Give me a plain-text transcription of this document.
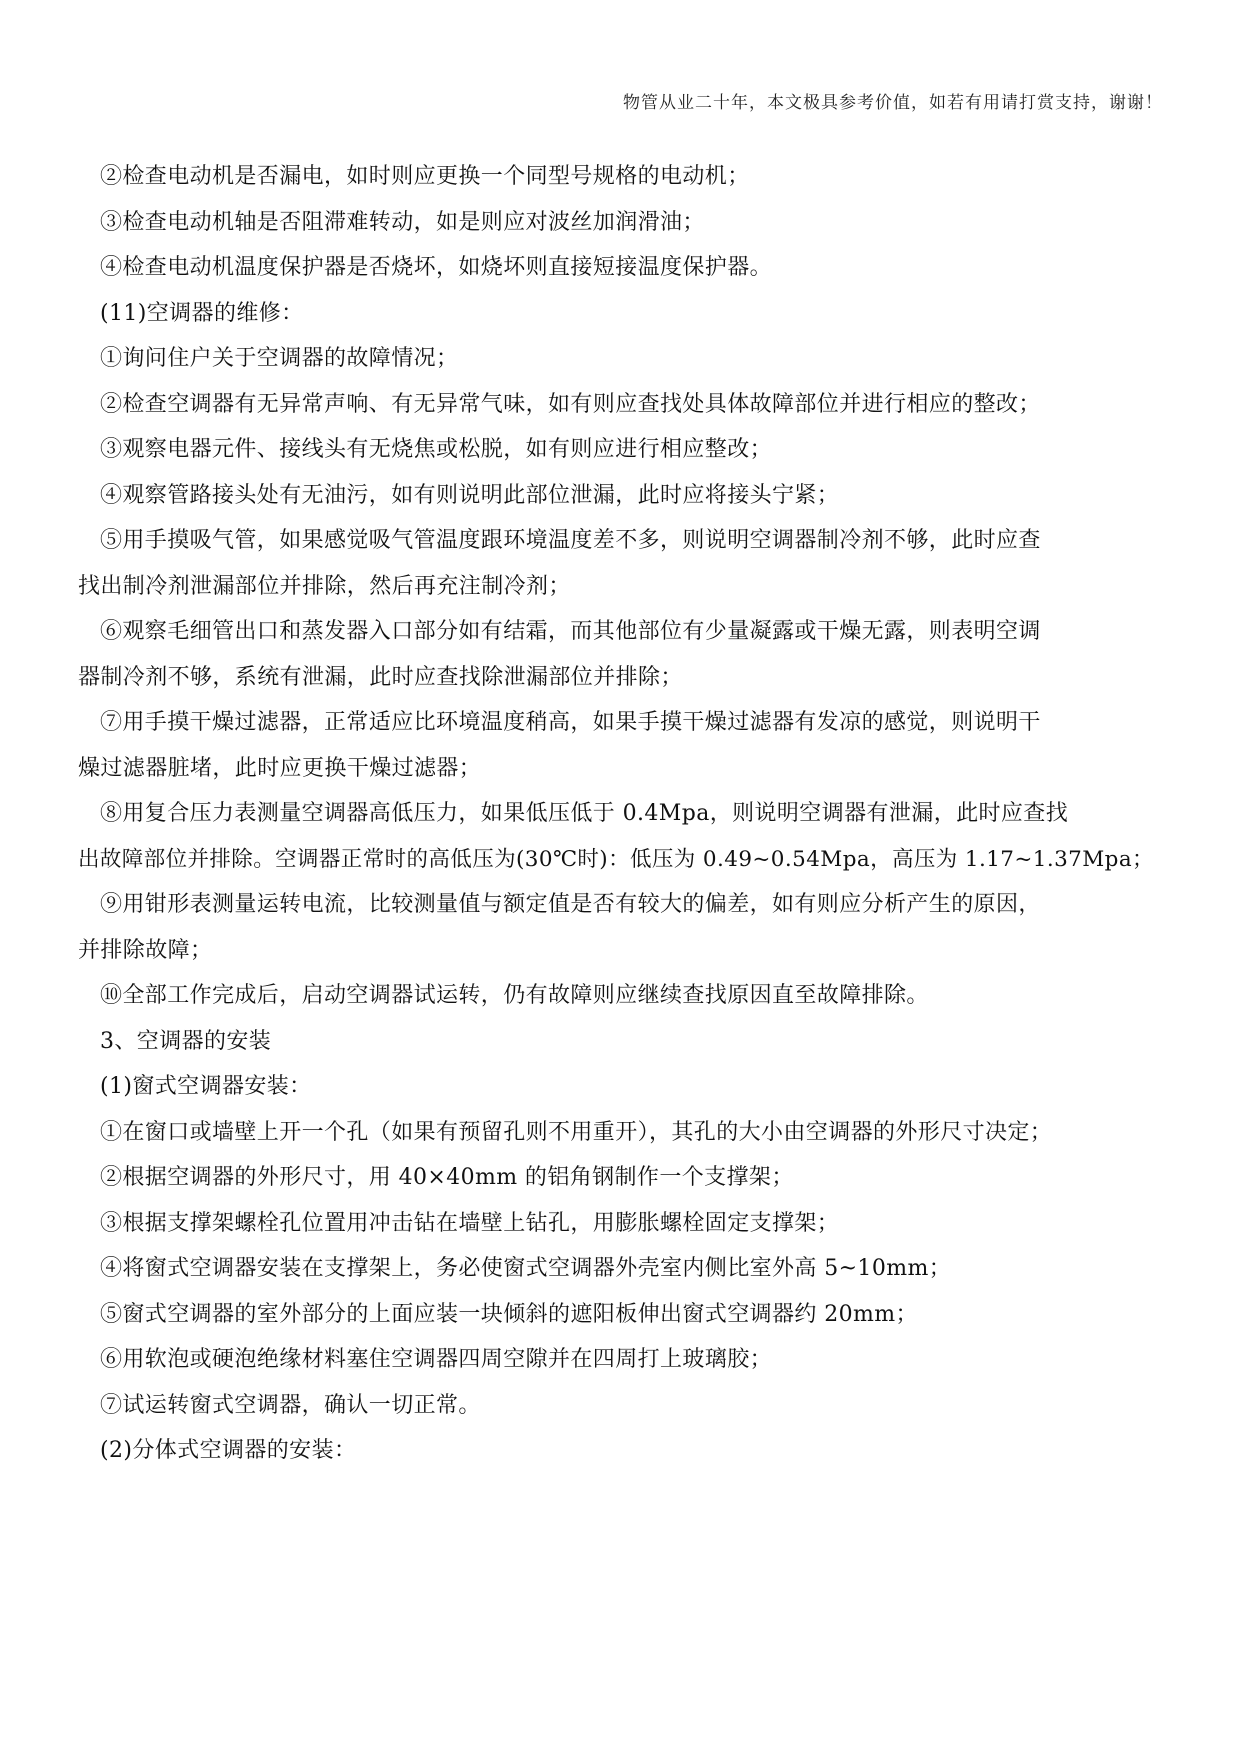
物管从业二十年，本文极具参考价值，如若有用请打赏支持，谢谢！
②检查电动机是否漏电，如时则应更换一个同型号规格的电动机；
③检查电动机轴是否阻滞难转动，如是则应对波丝加润滑油；
④检查电动机温度保护器是否烧坏，如烧坏则直接短接温度保护器。
(11)空调器的维修：
①询问住户关于空调器的故障情况；
②检查空调器有无异常声响、有无异常气味，如有则应查找处具体故障部位并进行相应的整改；
③观察电器元件、接线头有无烧焦或松脱，如有则应进行相应整改；
④观察管路接头处有无油污，如有则说明此部位泄漏，此时应将接头宁紧；
⑤用手摸吸气管，如果感觉吸气管温度跟环境温度差不多，则说明空调器制冷剂不够，此时应查
找出制冷剂泄漏部位并排除，然后再充注制冷剂；
⑥观察毛细管出口和蒸发器入口部分如有结霜，而其他部位有少量凝露或干燥无露，则表明空调
器制冷剂不够，系统有泄漏，此时应查找除泄漏部位并排除；
⑦用手摸干燥过滤器，正常适应比环境温度稍高，如果手摸干燥过滤器有发凉的感觉，则说明干
燥过滤器脏堵，此时应更换干燥过滤器；
⑧用复合压力表测量空调器高低压力，如果低压低于 0.4Mpa，则说明空调器有泄漏，此时应查找
出故障部位并排除。空调器正常时的高低压为(30℃时)：低压为 0.49~0.54Mpa，高压为 1.17~1.37Mpa；
⑨用钳形表测量运转电流，比较测量值与额定值是否有较大的偏差，如有则应分析产生的原因，
并排除故障；
⑩全部工作完成后，启动空调器试运转，仍有故障则应继续查找原因直至故障排除。
3、空调器的安装
(1)窗式空调器安装：
①在窗口或墙壁上开一个孔（如果有预留孔则不用重开），其孔的大小由空调器的外形尺寸决定；
②根据空调器的外形尺寸，用 40×40mm 的铝角钢制作一个支撑架；
③根据支撑架螺栓孔位置用冲击钻在墙壁上钻孔，用膨胀螺栓固定支撑架；
④将窗式空调器安装在支撑架上，务必使窗式空调器外壳室内侧比室外高 5~10mm；
⑤窗式空调器的室外部分的上面应装一块倾斜的遮阳板伸出窗式空调器约 20mm；
⑥用软泡或硬泡绝缘材料塞住空调器四周空隙并在四周打上玻璃胶；
⑦试运转窗式空调器，确认一切正常。
(2)分体式空调器的安装：
